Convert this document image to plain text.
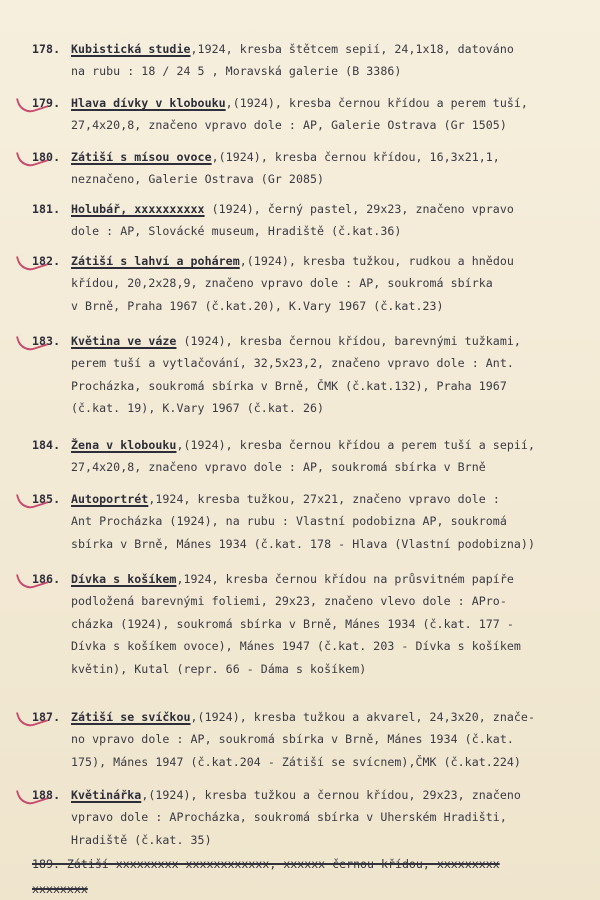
178. Kubistická studie,1924, kresba štětcem sepií, 24,1x18, datováno
na rubu : 18 / 24 5 , Moravská galerie (B 3386)
179. Hlava dívky v klobouku,(1924), kresba černou křídou a perem tuší,
27,4x20,8, značeno vpravo dole : AP, Galerie Ostrava (Gr 1505)
180. Zátiší s mísou ovoce,(1924), kresba černou křídou, 16,3x21,1,
neznačeno, Galerie Ostrava (Gr 2085)
181. Holubář, xxxxxxxxxx (1924), černý pastel, 29x23, značeno vpravo
dole : AP, Slovácké museum, Hradiště (č.kat.36)
182. Zátiší s lahví a pohárem,(1924), kresba tužkou, rudkou a hnědou
křídou, 20,2x28,9, značeno vpravo dole : AP, soukromá sbírka
v Brně, Praha 1967 (č.kat.20), K.Vary 1967 (č.kat.23)
183. Květina ve váze (1924), kresba černou křídou, barevnými tužkami,
perem tuší a vytlačování, 32,5x23,2, značeno vpravo dole : Ant.
Procházka, soukromá sbírka v Brně, ČMK (č.kat.132), Praha 1967
(č.kat. 19), K.Vary 1967 (č.kat. 26)
184. Žena v klobouku,(1924), kresba černou křídou a perem tuší a sepií,
27,4x20,8, značeno vpravo dole : AP, soukromá sbírka v Brně
185. Autoportrét,1924, kresba tužkou, 27x21, značeno vpravo dole :
Ant Procházka (1924), na rubu : Vlastní podobizna AP, soukromá
sbírka v Brně, Mánes 1934 (č.kat. 178 - Hlava (Vlastní podobizna))
186. Dívka s košíkem,1924, kresba černou křídou na průsvitném papíře
podložená barevnými foliemi, 29x23, značeno vlevo dole : APro-
cházka (1924), soukromá sbírka v Brně, Mánes 1934 (č.kat. 177 -
Dívka s košíkem ovoce), Mánes 1947 (č.kat. 203 - Dívka s košíkem
květin), Kutal (repr. 66 - Dáma s košíkem)
187. Zátiší se svíčkou,(1924), kresba tužkou a akvarel, 24,3x20, znače-
no vpravo dole : AP, soukromá sbírka v Brně, Mánes 1934 (č.kat.
175), Mánes 1947 (č.kat.204 - Zátiší se svícnem),ČMK (č.kat.224)
188. Květinářka,(1924), kresba tužkou a černou křídou, 29x23, značeno
vpravo dole : AProcházka, soukromá sbírka v Uherském Hradišti,
Hradiště (č.kat. 35)
189. Zátiší xxxxxxxxx xxxxxxxxxxxx, xxxxxx černou křídou, xxxxxxxxx
xxxxxxxx
